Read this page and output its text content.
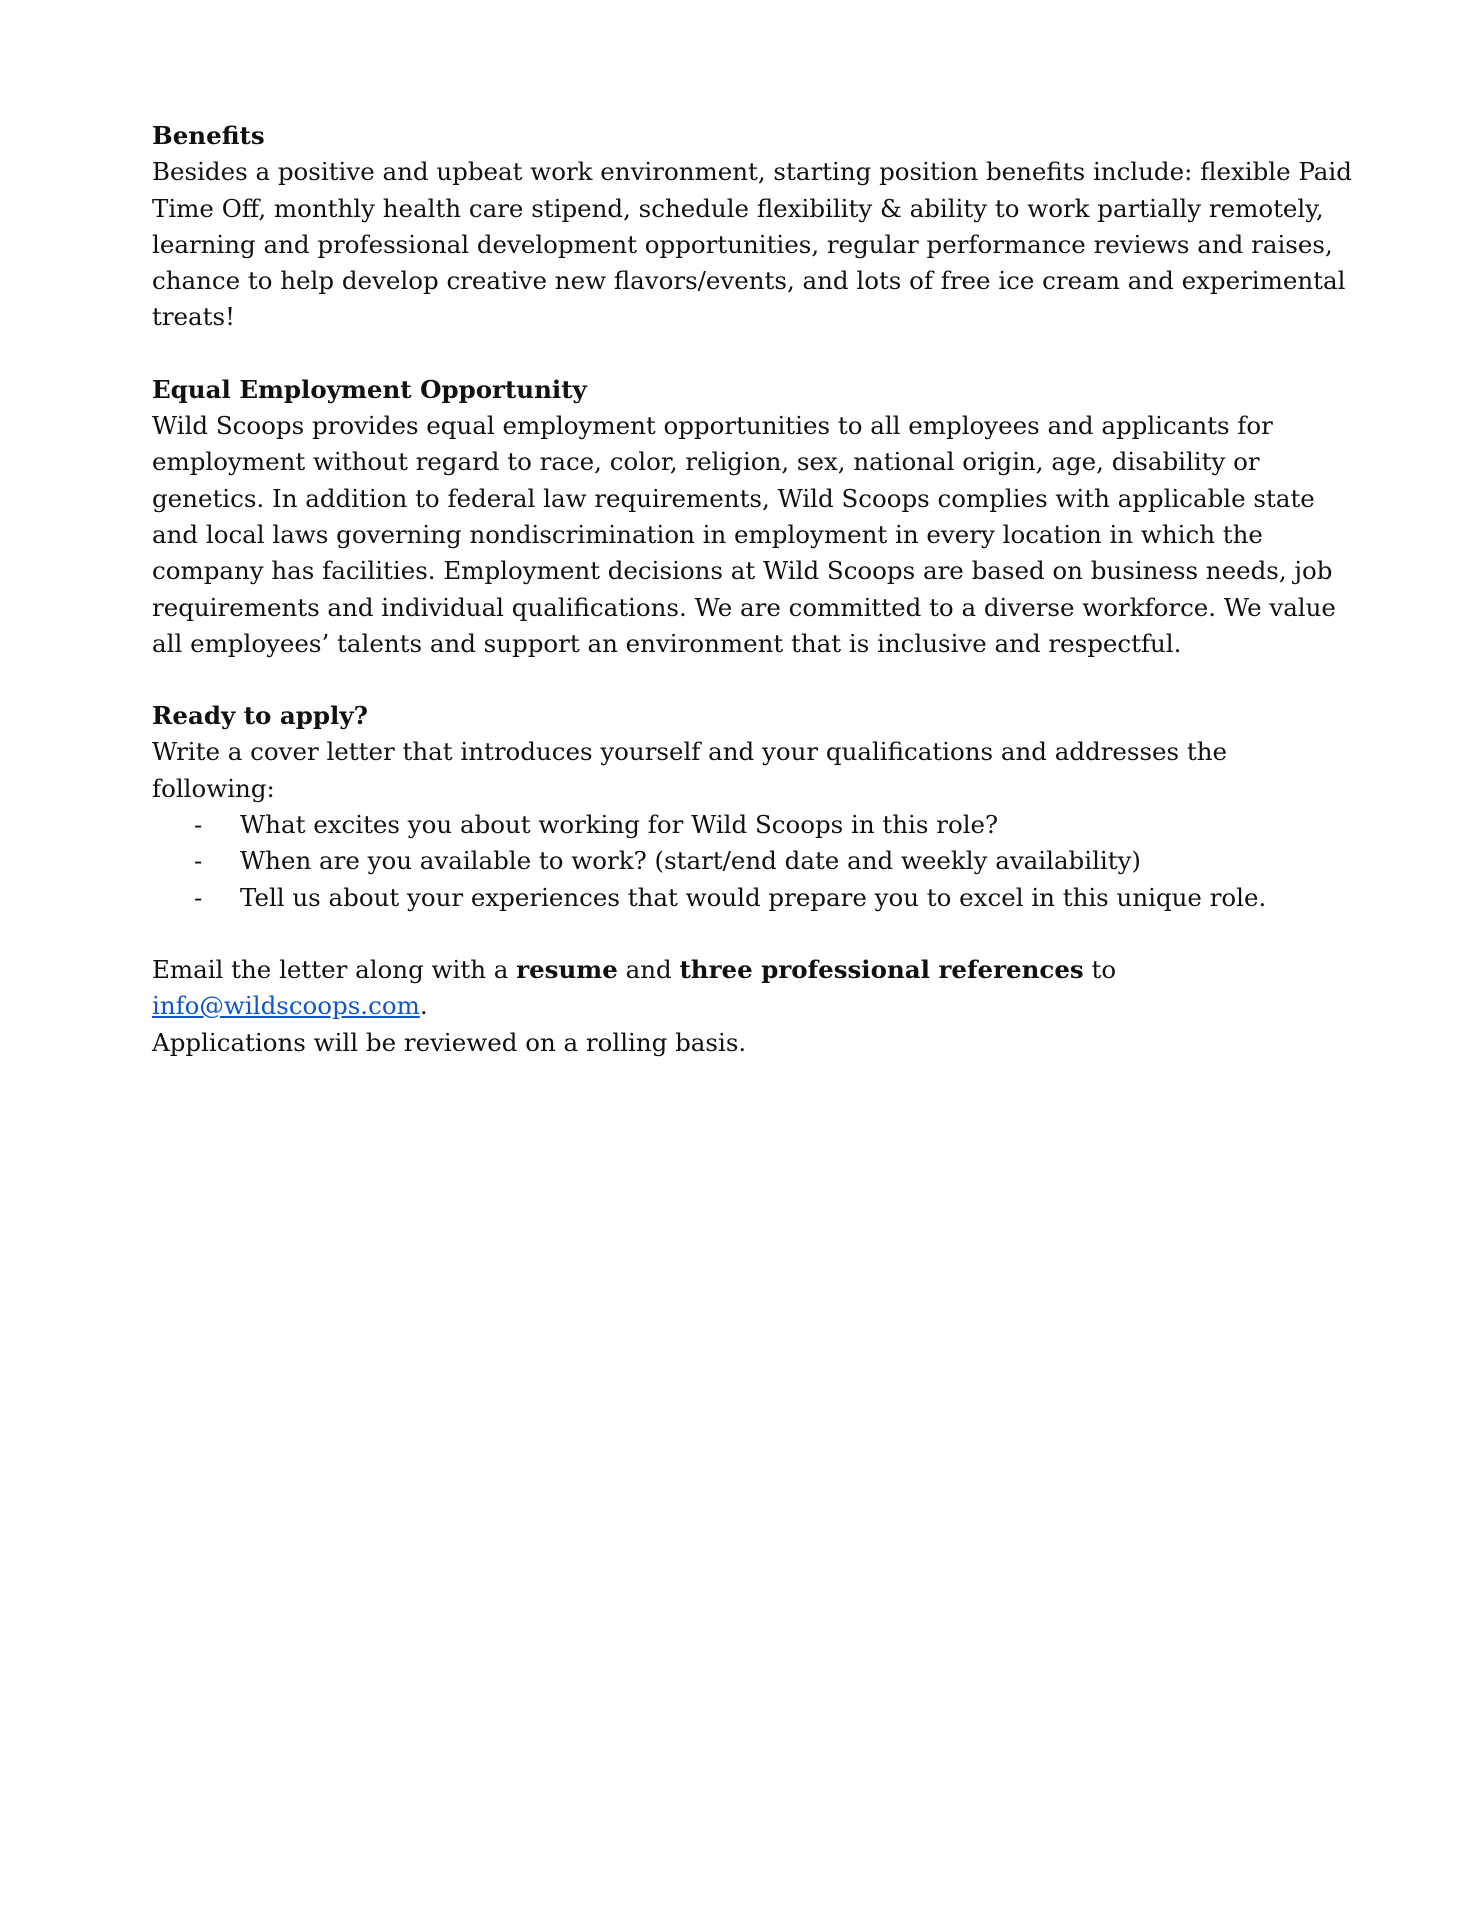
Benefits

Besides a positive and upbeat work environment, starting position benefits include: flexible Paid Time Off, monthly health care stipend, schedule flexibility & ability to work partially remotely, learning and professional development opportunities, regular performance reviews and raises, chance to help develop creative new flavors/events, and lots of free ice cream and experimental treats!

Equal Employment Opportunity

Wild Scoops provides equal employment opportunities to all employees and applicants for employment without regard to race, color, religion, sex, national origin, age, disability or genetics. In addition to federal law requirements, Wild Scoops complies with applicable state and local laws governing nondiscrimination in employment in every location in which the company has facilities. Employment decisions at Wild Scoops are based on business needs, job requirements and individual qualifications. We are committed to a diverse workforce. We value all employees’ talents and support an environment that is inclusive and respectful.

Ready to apply?

Write a cover letter that introduces yourself and your qualifications and addresses the following:

- What excites you about working for Wild Scoops in this role?
- When are you available to work? (start/end date and weekly availability)
- Tell us about your experiences that would prepare you to excel in this unique role.

Email the letter along with a resume and three professional references to info@wildscoops.com.

Applications will be reviewed on a rolling basis.
